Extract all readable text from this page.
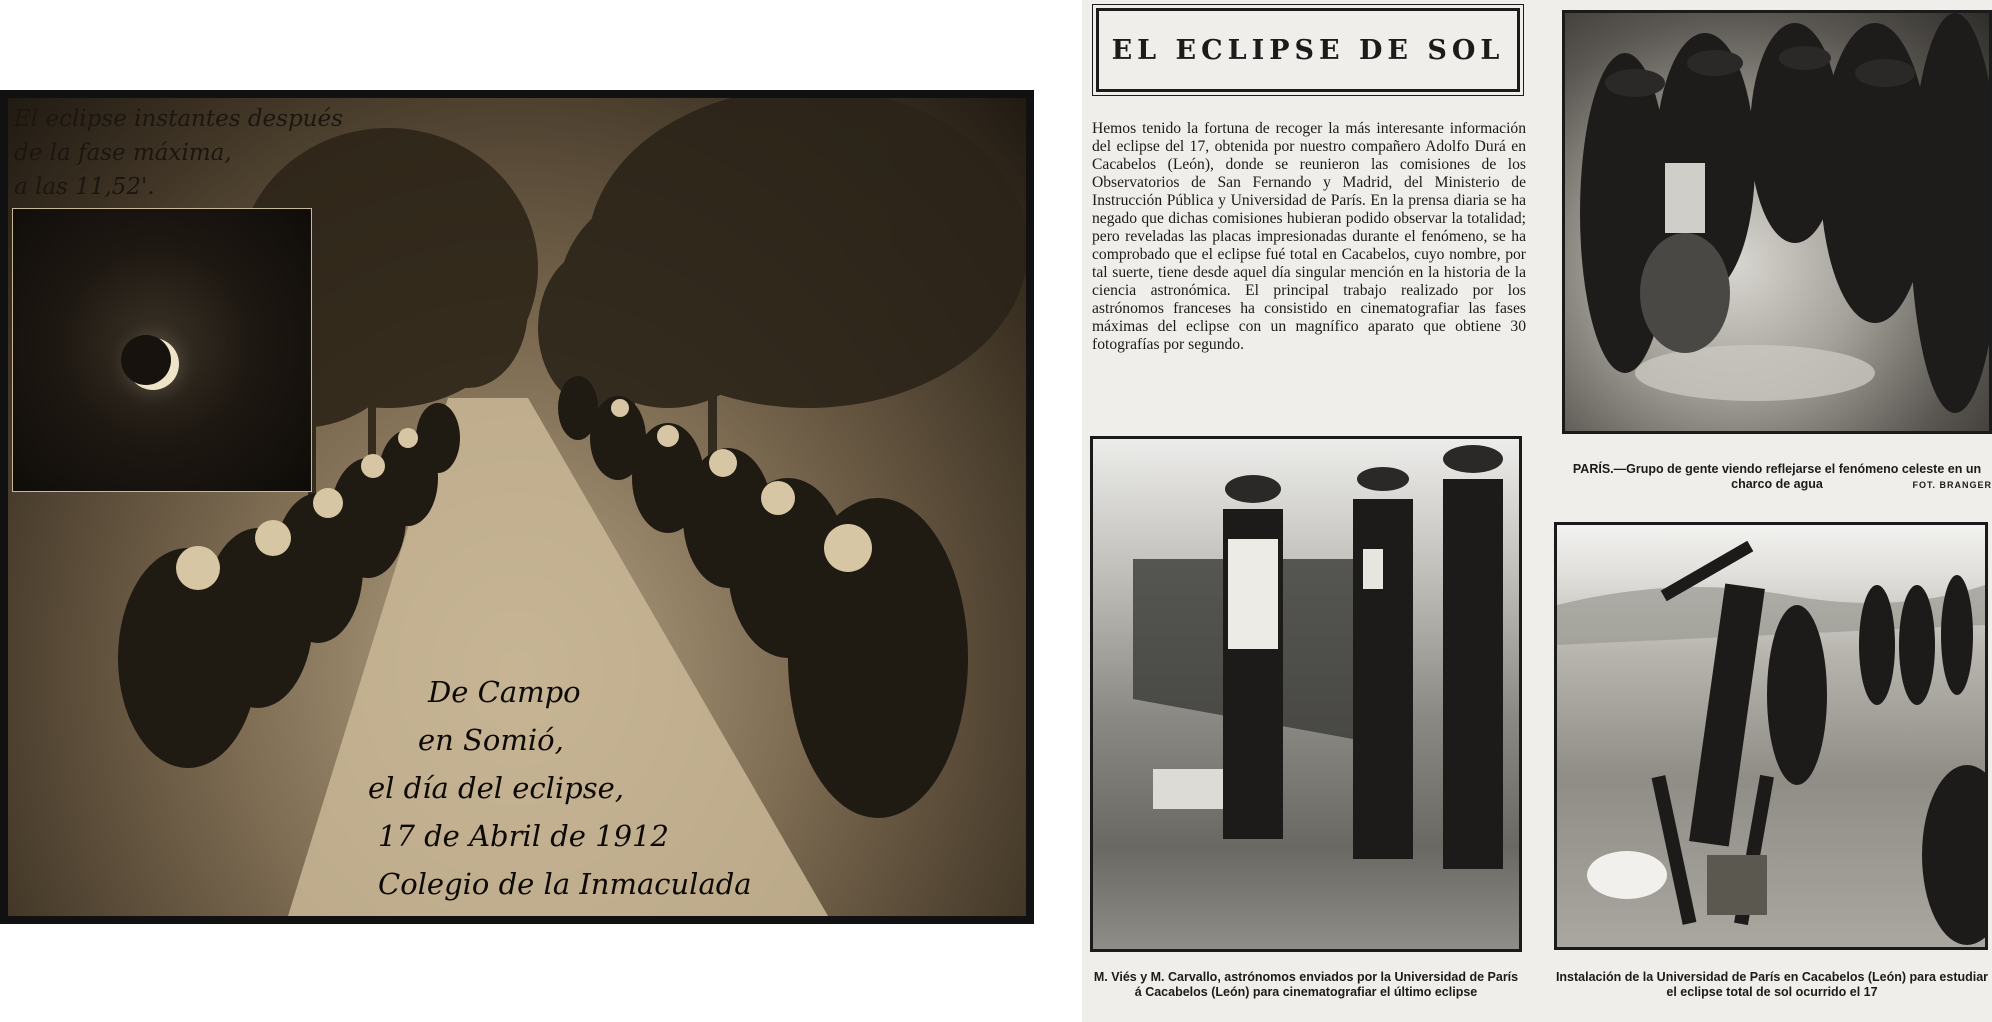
El eclipse instantes después
de la fase máxima,
a las 11,52'.
De Campo
en Somió,
el día del eclipse,
17 de Abril de 1912
Colegio de la Inmaculada
EL ECLIPSE DE SOL
Hemos tenido la fortuna de recoger la más interesante información del eclipse del 17, obtenida por nuestro compañero Adolfo Durá en Cacabelos (León), donde se reunieron las comisiones de los Observatorios de San Fernando y Madrid, del Ministerio de Instrucción Pública y Universidad de París. En la prensa diaria se ha negado que dichas comisiones hubieran podido observar la totalidad; pero reveladas las placas impresionadas durante el fenómeno, se ha comprobado que el eclipse fué total en Cacabelos, cuyo nombre, por tal suerte, tiene desde aquel día singular mención en la historia de la ciencia astronómica. El principal trabajo realizado por los astrónomos franceses ha consistido en cinematografiar las fases máximas del eclipse con un magnífico aparato que obtiene 30 fotografías por segundo.
PARÍS.—Grupo de gente viendo reflejarse el fenómeno celeste en un charco de agua	FOT. BRANGER
M. Viés y M. Carvallo, astrónomos enviados por la Universidad de París á Cacabelos (León) para cinematografiar el último eclipse
Instalación de la Universidad de París en Cacabelos (León) para estudiar el eclipse total de sol ocurrido el 17
